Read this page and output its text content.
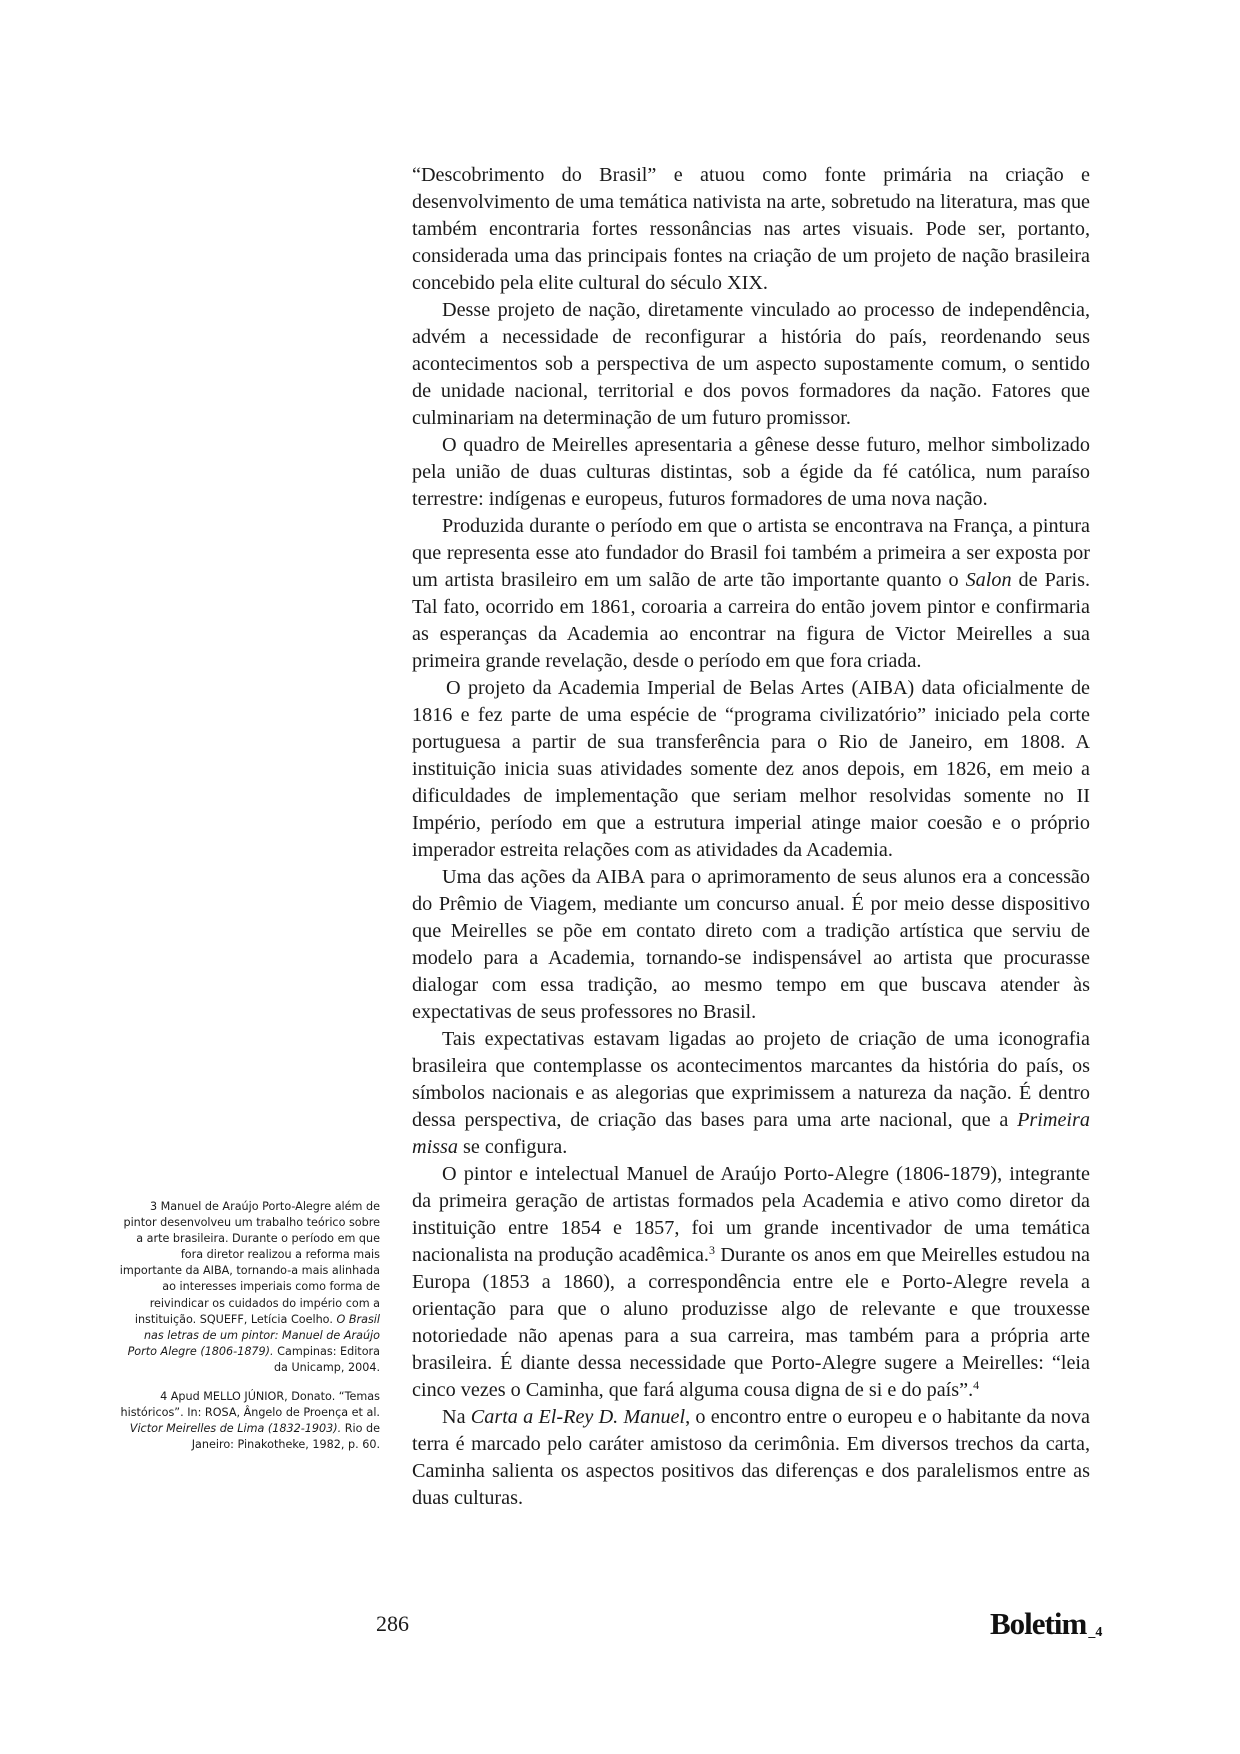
“Descobrimento do Brasil” e atuou como fonte primária na criação e desenvolvimento de uma temática nativista na arte, sobretudo na literatura, mas que também encontraria fortes ressonâncias nas artes visuais. Pode ser, portanto, considerada uma das principais fontes na criação de um projeto de nação brasileira concebido pela elite cultural do século XIX.

Desse projeto de nação, diretamente vinculado ao processo de independência, advém a necessidade de reconfigurar a história do país, reordenando seus acontecimentos sob a perspectiva de um aspecto supostamente comum, o sentido de unidade nacional, territorial e dos povos formadores da nação. Fatores que culminariam na determinação de um futuro promissor.

O quadro de Meirelles apresentaria a gênese desse futuro, melhor simbolizado pela união de duas culturas distintas, sob a égide da fé católica, num paraíso terrestre: indígenas e europeus, futuros formadores de uma nova nação.

Produzida durante o período em que o artista se encontrava na França, a pintura que representa esse ato fundador do Brasil foi também a primeira a ser exposta por um artista brasileiro em um salão de arte tão importante quanto o Salon de Paris. Tal fato, ocorrido em 1861, coroaria a carreira do então jovem pintor e confirmaria as esperanças da Academia ao encontrar na figura de Victor Meirelles a sua primeira grande revelação, desde o período em que fora criada.

O projeto da Academia Imperial de Belas Artes (AIBA) data oficialmente de 1816 e fez parte de uma espécie de “programa civilizatório” iniciado pela corte portuguesa a partir de sua transferência para o Rio de Janeiro, em 1808. A instituição inicia suas atividades somente dez anos depois, em 1826, em meio a dificuldades de implementação que seriam melhor resolvidas somente no II Império, período em que a estrutura imperial atinge maior coesão e o próprio imperador estreita relações com as atividades da Academia.

Uma das ações da AIBA para o aprimoramento de seus alunos era a concessão do Prêmio de Viagem, mediante um concurso anual. É por meio desse dispositivo que Meirelles se põe em contato direto com a tradição artística que serviu de modelo para a Academia, tornando-se indispensável ao artista que procurasse dialogar com essa tradição, ao mesmo tempo em que buscava atender às expectativas de seus professores no Brasil.

Tais expectativas estavam ligadas ao projeto de criação de uma iconografia brasileira que contemplasse os acontecimentos marcantes da história do país, os símbolos nacionais e as alegorias que exprimissem a natureza da nação. É dentro dessa perspectiva, de criação das bases para uma arte nacional, que a Primeira missa se configura.

O pintor e intelectual Manuel de Araújo Porto-Alegre (1806-1879), integrante da primeira geração de artistas formados pela Academia e ativo como diretor da instituição entre 1854 e 1857, foi um grande incentivador de uma temática nacionalista na produção acadêmica.$^3$ Durante os anos em que Meirelles estudou na Europa (1853 a 1860), a correspondência entre ele e Porto-Alegre revela a orientação para que o aluno produzisse algo de relevante e que trouxesse notoriedade não apenas para a sua carreira, mas também para a própria arte brasileira. É diante dessa necessidade que Porto-Alegre sugere a Meirelles: “leia cinco vezes o Caminha, que fará alguma cousa digna de si e do país”.$^4$

Na Carta a El-Rey D. Manuel, o encontro entre o europeu e o habitante da nova terra é marcado pelo caráter amistoso da cerimônia. Em diversos trechos da carta, Caminha salienta os aspectos positivos das diferenças e dos paralelismos entre as duas culturas.

3 Manuel de Araújo Porto-Alegre além de pintor desenvolveu um trabalho teórico sobre a arte brasileira. Durante o período em que fora diretor realizou a reforma mais importante da AIBA, tornando-a mais alinhada ao interesses imperiais como forma de reivindicar os cuidados do império com a instituição. SQUEFF, Letícia Coelho. O Brasil nas letras de um pintor: Manuel de Araújo Porto Alegre (1806-1879). Campinas: Editora da Unicamp, 2004.

4 Apud MELLO JÚNIOR, Donato. “Temas históricos”. In: ROSA, Ângelo de Proença et al. Victor Meirelles de Lima (1832-1903). Rio de Janeiro: Pinakotheke, 1982, p. 60.

286	Boletim _4
